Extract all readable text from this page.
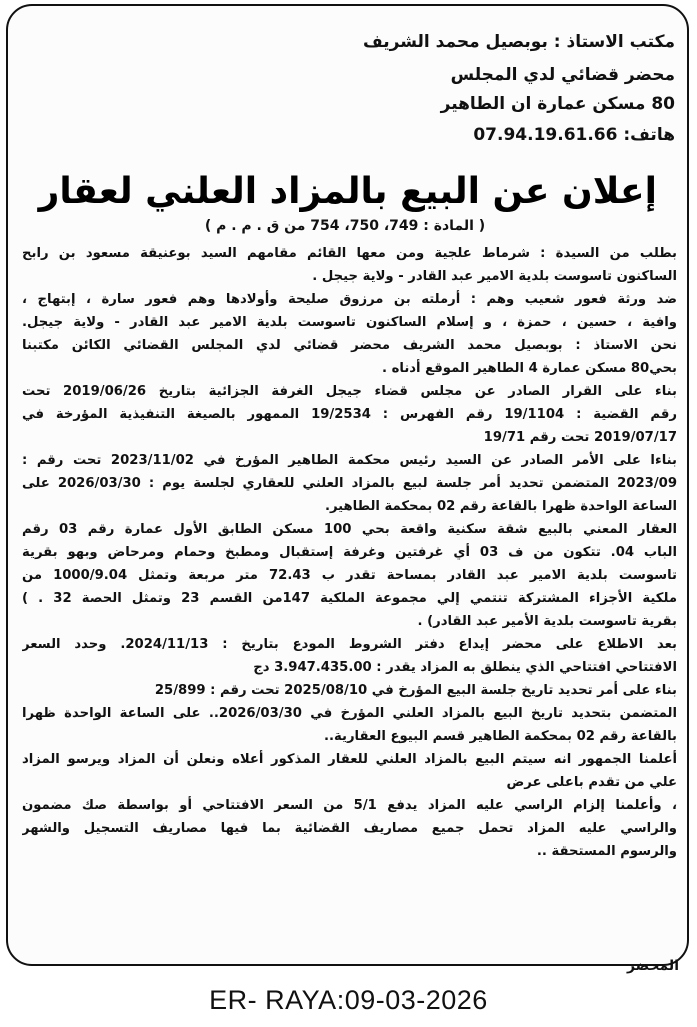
مكتب الاستاذ : بوبصيل محمد الشريف
محضر قضائي لدي المجلس
80 مسكن عمارة ان الطاهير
هاتف: 07.94.19.61.66
إعلان عن البيع بالمزاد العلني لعقار
( المادة : 749، 750، 754 من ق . م . م )
بطلب من السيدة : شرماط علجية ومن معها القائم مقامهم السيد بوعنيقة مسعود بن رابح
الساكنون تاسوست بلدية الامير عبد القادر - ولاية جيجل .
ضد ورثة فعور شعيب وهم : أرملته بن مرزوق صليحة وأولادها وهم فعور سارة ، إبتهاج ،
وافية ، حسين ، حمزة ، و إسلام الساكنون تاسوست بلدية الامير عبد القادر - ولاية جيجل.
نحن الاستاذ : بوبصيل محمد الشريف محضر قضائي لدي المجلس القضائي الكائن مكتبنا
بحي80 مسكن عمارة 4 الطاهير الموقع أدناه .
بناء على القرار الصادر عن مجلس قضاء جيجل الغرفة الجزائية بتاريخ 2019/06/26 تحت
رقم القضية : 19/1104 رقم الفهرس : 19/2534 الممهور بالصيغة التنفيذية المؤرخة في
2019/07/17 تحت رقم 19/71
بناءا على الأمر الصادر عن السيد رئيس محكمة الطاهير المؤرخ في 2023/11/02 تحت رقم :
2023/09 المتضمن تحديد أمر جلسة لبيع بالمزاد العلني للعقاري لجلسة يوم : 2026/03/30 على
الساعة الواحدة ظهرا بالقاعة رقم 02 بمحكمة الطاهير.
العقار المعني بالبيع شقة سكنية واقعة بحي 100 مسكن الطابق الأول عمارة رقم 03 رقم
الباب 04. تتكون من ف 03 أي غرفتين وغرفة إستقبال ومطبخ وحمام ومرحاض وبهو بقرية
تاسوست بلدية الامير عبد القادر بمساحة تقدر ب 72.43 متر مربعة وتمثل 1000/9.04 من
ملكية الأجزاء المشتركة تنتمي إلي مجموعة الملكية 147من القسم 23 وتمثل الحصة 32 . )
بقرية تاسوست بلدية الأمير عبد القادر) .
بعد الاطلاع على محضر إيداع دفتر الشروط المودع بتاريخ : 2024/11/13. وحدد السعر
الافتتاحي افتتاحي الذي ينطلق به المزاد يقدر : 3.947.435.00 دج
بناء على أمر تحديد تاريخ جلسة البيع المؤرخ في 2025/08/10 تحت رقم : 25/899
المتضمن بتحديد تاريخ البيع بالمزاد العلني المؤرخ في 2026/03/30.. على الساعة الواحدة ظهرا
بالقاعة رقم 02 بمحكمة الطاهير قسم البيوع العقارية..
أعلمنا الجمهور انه سيتم البيع بالمزاد العلني للعقار المذكور أعلاه ونعلن أن المزاد ويرسو المزاد
علي من تقدم باعلى عرض
، وأعلمنا إلزام الراسي عليه المزاد يدفع 5/1 من السعر الافتتاحي أو بواسطة صك مضمون
والراسي عليه المزاد تحمل جميع مصاريف القضائية بما فيها مصاريف التسجيل والشهر
والرسوم المستحقة ..
المحضر
ER- RAYA:09-03-2026
